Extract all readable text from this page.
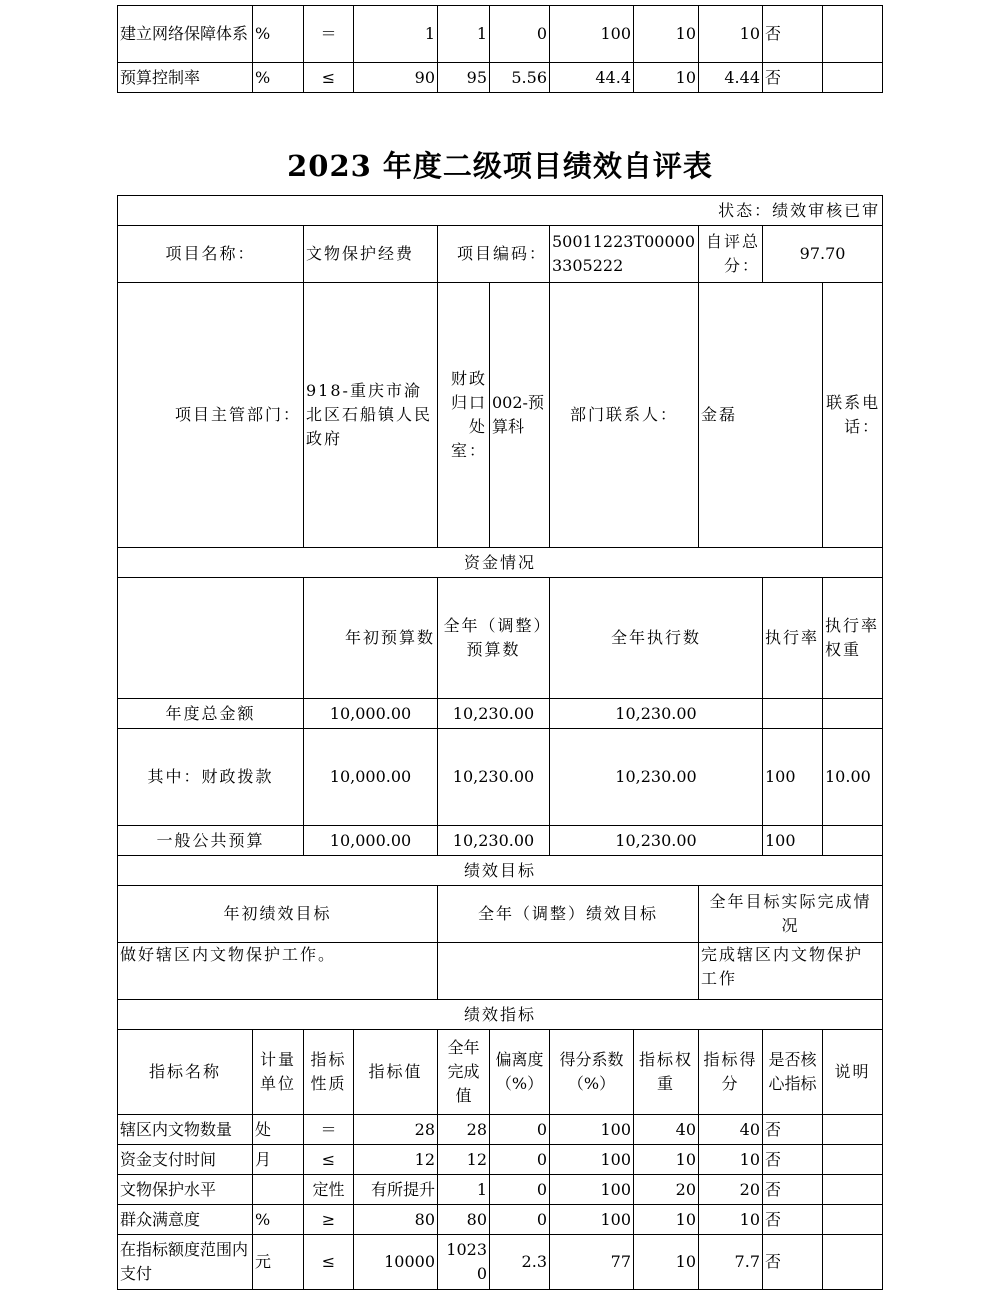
建立网络保障体系	%	＝	1	1	0	100	10	10	否	
预算控制率	%	≤	90	95	5.56	44.4	10	4.44	否	
2023 年度二级项目绩效自评表
状态：绩效审核已审											
项目名称：		文物保护经费		项目编码：		50011223T000003305222		自评总分：	97.70		
项目主管部门：		918-重庆市渝北区石船镇人民政府		财政归口处室：	002-预算科	部门联系人：		金磊		联系电话：	
资金情况											
		年初预算数		全年（调整）预算数		全年执行数			执行率	执行率权重	
年度总金额		10,000.00		10,230.00		10,230.00					
其中：财政拨款		10,000.00		10,230.00		10,230.00			100	10.00	
一般公共预算		10,000.00		10,230.00		10,230.00			100		
绩效目标											
年初绩效目标				全年（调整）绩效目标				全年目标实际完成情况			
做好辖区内文物保护工作。								完成辖区内文物保护工作			
绩效指标											
指标名称	计量单位	指标性质	指标值	全年完成值	偏离度（%）	得分系数（%）	指标权重	指标得分	是否核心指标	说明	
辖区内文物数量	处	＝	28	28	0	100	40	40	否		
资金支付时间	月	≤	12	12	0	100	10	10	否		
文物保护水平		定性	有所提升	1	0	100	20	20	否		
群众满意度	%	≥	80	80	0	100	10	10	否		
在指标额度范围内支付	元	≤	10000	10230	2.3	77	10	7.7	否		
